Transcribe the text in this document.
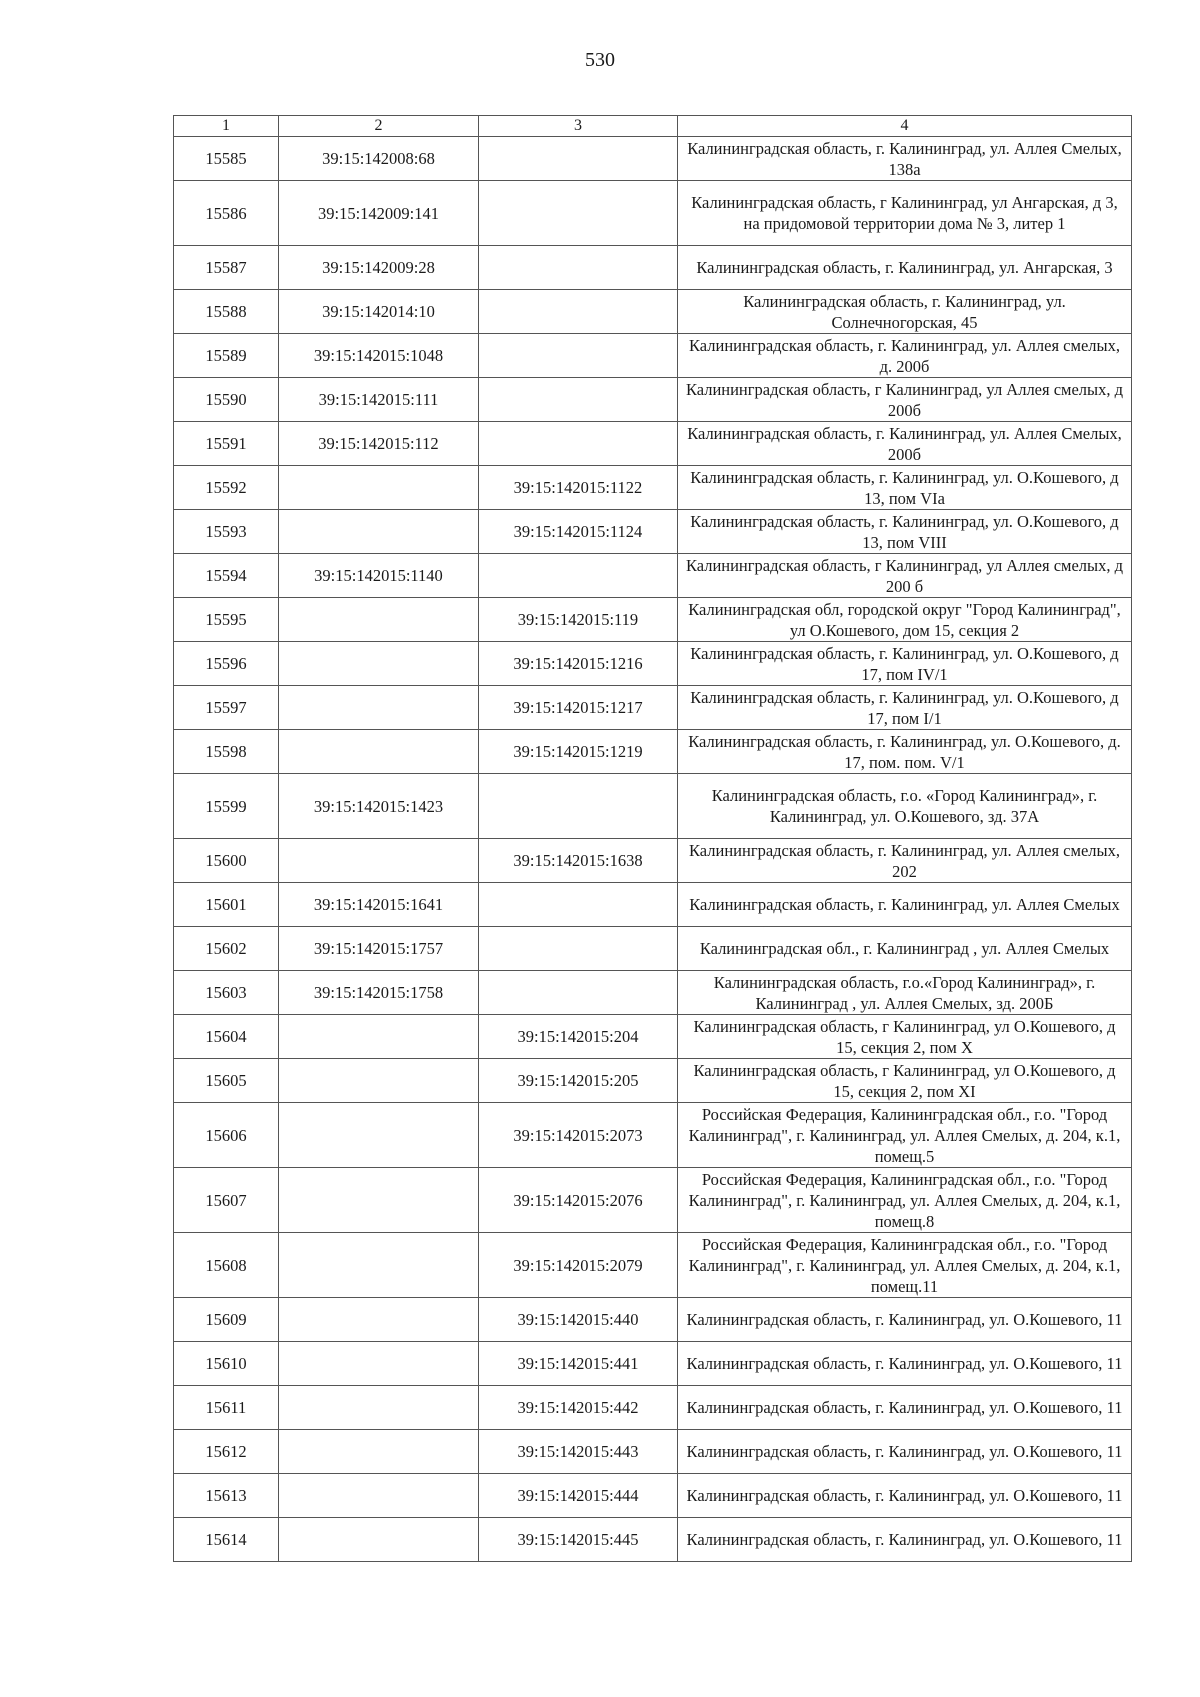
530
1	2	3	4
15585	39:15:142008:68		Калининградская область, г. Калининград, ул. Аллея Смелых, 138а
15586	39:15:142009:141		Калининградская область, г Калининград, ул Ангарская, д 3, на придомовой территории дома № 3, литер 1
15587	39:15:142009:28		Калининградская область, г. Калининград, ул. Ангарская, 3
15588	39:15:142014:10		Калининградская область, г. Калининград, ул. Солнечногорская, 45
15589	39:15:142015:1048		Калининградская область, г. Калининград, ул. Аллея смелых, д. 200б
15590	39:15:142015:111		Калининградская область, г Калининград, ул Аллея смелых, д 200б
15591	39:15:142015:112		Калининградская область, г. Калининград, ул. Аллея Смелых, 200б
15592		39:15:142015:1122	Калининградская область, г. Калининград, ул. О.Кошевого, д 13, пом VIа
15593		39:15:142015:1124	Калининградская область, г. Калининград, ул. О.Кошевого, д 13, пом VIII
15594	39:15:142015:1140		Калининградская область, г Калининград, ул Аллея смелых, д 200 б
15595		39:15:142015:119	Калининградская обл, городской округ "Город Калининград", ул О.Кошевого, дом 15, секция 2
15596		39:15:142015:1216	Калининградская область, г. Калининград, ул. О.Кошевого, д 17, пом IV/1
15597		39:15:142015:1217	Калининградская область, г. Калининград, ул. О.Кошевого, д 17, пом I/1
15598		39:15:142015:1219	Калининградская область, г. Калининград, ул. О.Кошевого, д. 17, пом. пом. V/1
15599	39:15:142015:1423		Калининградская область, г.о. «Город Калининград», г. Калининград, ул. О.Кошевого, зд. 37А
15600		39:15:142015:1638	Калининградская область, г. Калининград, ул. Аллея смелых, 202
15601	39:15:142015:1641		Калининградская область, г. Калининград, ул. Аллея Смелых
15602	39:15:142015:1757		Калининградская обл., г. Калининград , ул. Аллея Смелых
15603	39:15:142015:1758		Калининградская область, г.о.«Город Калининград», г. Калининград , ул. Аллея Смелых, зд. 200Б
15604		39:15:142015:204	Калининградская область, г Калининград, ул О.Кошевого, д 15, секция 2, пом X
15605		39:15:142015:205	Калининградская область, г Калининград, ул О.Кошевого, д 15, секция 2, пом XI
15606		39:15:142015:2073	Российская Федерация, Калининградская обл., г.о. "Город Калининград", г. Калининград, ул. Аллея Смелых, д. 204, к.1, помещ.5
15607		39:15:142015:2076	Российская Федерация, Калининградская обл., г.о. "Город Калининград", г. Калининград, ул. Аллея Смелых, д. 204, к.1, помещ.8
15608		39:15:142015:2079	Российская Федерация, Калининградская обл., г.о. "Город Калининград", г. Калининград, ул. Аллея Смелых, д. 204, к.1, помещ.11
15609		39:15:142015:440	Калининградская область, г. Калининград, ул. О.Кошевого, 11
15610		39:15:142015:441	Калининградская область, г. Калининград, ул. О.Кошевого, 11
15611		39:15:142015:442	Калининградская область, г. Калининград, ул. О.Кошевого, 11
15612		39:15:142015:443	Калининградская область, г. Калининград, ул. О.Кошевого, 11
15613		39:15:142015:444	Калининградская область, г. Калининград, ул. О.Кошевого, 11
15614		39:15:142015:445	Калининградская область, г. Калининград, ул. О.Кошевого, 11
